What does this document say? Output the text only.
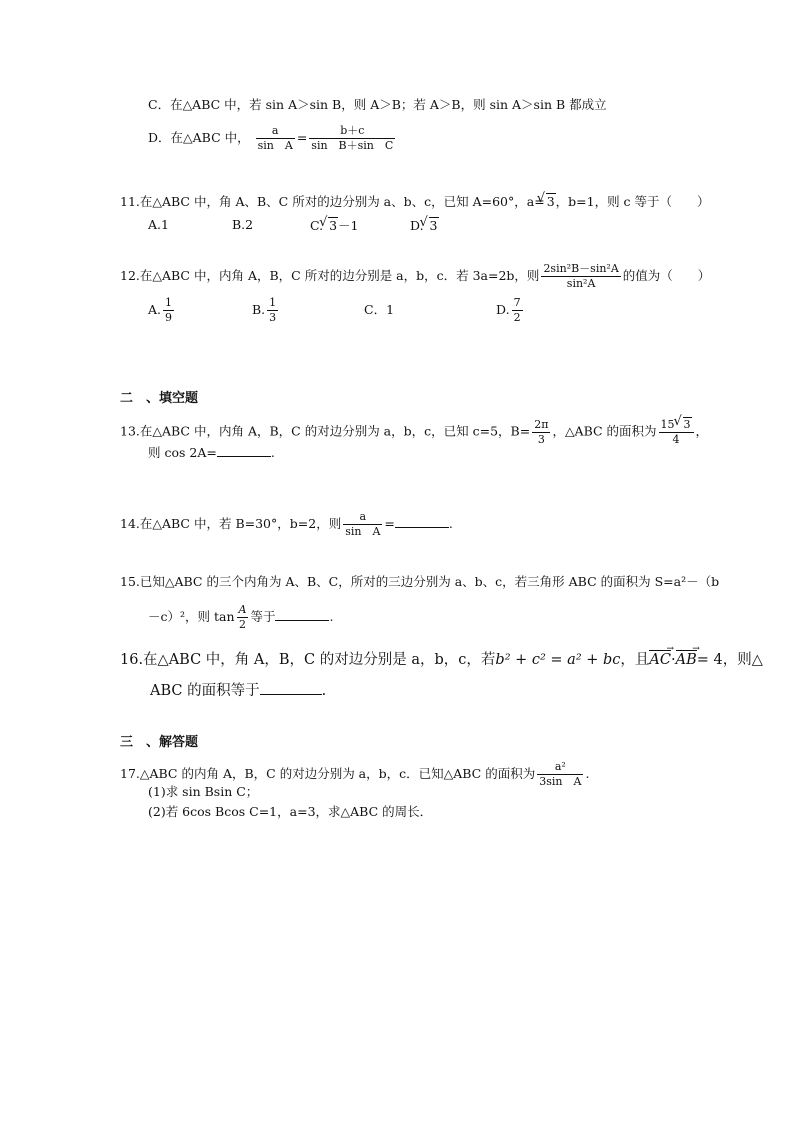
C．在△ABC 中，若 sin A＞sin B，则 A＞B；若 A＞B，则 sin A＞sin B 都成立
D．在△ABC 中， $\frac{a}{\text{sin　A}} = \frac{b+c}{\text{sin　B＋sin　C}}$
11.在△ABC 中，角 A、B、C 所对的边分别为 a、b、c，已知 A=60°，a= √ 3，b=1，则 c 等于（　　）
A.1	B.2	C. √ 3－1	D. √ 3
12.在△ABC 中，内角 A，B，C 所对的边分别是 a，b，c．若 3a=2b，则 $\frac{\text{2sin²B－sin²A}}{\text{sin²A}}$ 的值为（　　）
A. $\frac{1}{9}$	B. $\frac{1}{3}$	C．1	D. $\frac{7}{2}$
二　、填空题
13.在△ABC 中，内角 A，B，C 的对边分别为 a，b，c，已知 c=5，$B= \frac{2\pi}{3}$ ，△ABC 的面积为 $\frac{15 √ 3}{4}$ ，
则 cos 2A=	.
14.在△ABC 中，若 B=30°，b=2，则 $\frac{a}{\text{sin　A}}$ =	.
15.已知△ABC 的三个内角为 A、B、C，所对的三边分别为 a、b、c，若三角形 ABC 的面积为 S=a²－（b
－c）²，则 $\tan \frac{A}{2}$ 等于	.
16.在△ABC 中，角 A，B，C 的对边分别是 a，b，c，若b² + c² = a² + bc，且→ AC·→ AB= 4，则△
ABC 的面积等于	.
三　、解答题
17.△ABC 的内角 A，B，C 的对边分别为 a，b，c．已知△ABC 的面积为 $\frac{\text{a²}}{\text{3sin　A}}$ .
(1)求 sin Bsin C；
(2)若 6cos Bcos C=1，a=3，求△ABC 的周长．
